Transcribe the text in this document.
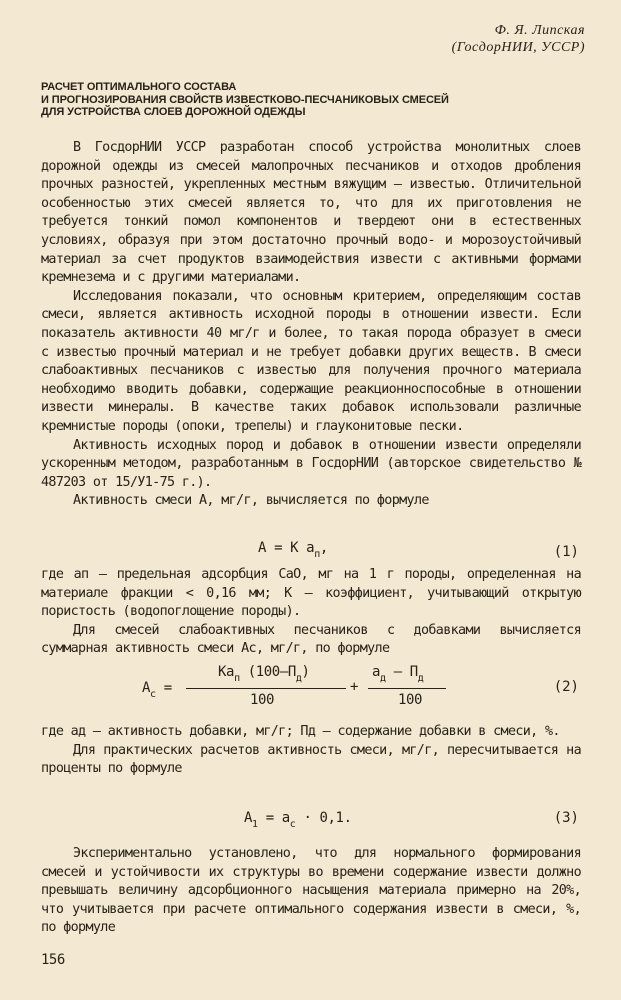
Ф. Я. Липская
(ГосдорНИИ, УССР)
РАСЧЕТ ОПТИМАЛЬНОГО СОСТАВА
И ПРОГНОЗИРОВАНИЯ СВОЙСТВ ИЗВЕСТКОВО-ПЕСЧАНИКОВЫХ СМЕСЕЙ
ДЛЯ УСТРОЙСТВА СЛОЕВ ДОРОЖНОЙ ОДЕЖДЫ

В ГосдорНИИ УССР разработан способ устройства монолитных слоев дорожной одежды из смесей малопрочных песчаников и отходов дробления прочных разностей, укрепленных местным вяжущим – известью. Отличительной особенностью этих смесей является то, что для их приготовления не требуется тонкий помол компонентов и твердеют они в естественных условиях, образуя при этом достаточно прочный водо- и морозоустойчивый материал за счет продуктов взаимодействия извести с активными формами кремнезема и с другими материалами.

Исследования показали, что основным критерием, определяющим состав смеси, является активность исходной породы в отношении извести. Если показатель активности 40 мг/г и более, то такая порода образует в смеси с известью прочный материал и не требует добавки других веществ. В смеси слабоактивных песчаников с известью для получения прочного материала необходимо вводить добавки, содержащие реакционноспособные в отношении извести минералы. В качестве таких добавок использовали различные кремнистые породы (опоки, трепелы) и глауконитовые пески.

Активность исходных пород и добавок в отношении извести определяли ускоренным методом, разработанным в ГосдорНИИ (авторское свидетельство № 487203 от 15/У1-75 г.).

Активность смеси А, мг/г, вычисляется по формуле

A = K $a_п$,	(1)

где aп – предельная адсорбция CaO, мг на 1 г породы, определенная на материале фракции < 0,16 мм; К – коэффициент, учитывающий открытую пористость (водопоглощение породы).

Для смесей слабоактивных песчаников с добавками вычисляется суммарная активность смеси Ас, мг/г, по формуле

$A_с$ =
$Ka_п$ $(100-П_д)$
100
+
$a_д - П_д$
100
(2)

где ад – активность добавки, мг/г; Пд – содержание добавки в смеси, %.

Для практических расчетов активность смеси, мг/г, пересчитывается на проценты по формуле

$A_1 = a_с \cdot 0,1$.	(3)

Экспериментально установлено, что для нормального формирования смесей и устойчивости их структуры во времени содержание извести должно превышать величину адсорбционного насыщения материала примерно на 20%, что учитывается при расчете оптимального содержания извести в смеси, %, по формуле

156
